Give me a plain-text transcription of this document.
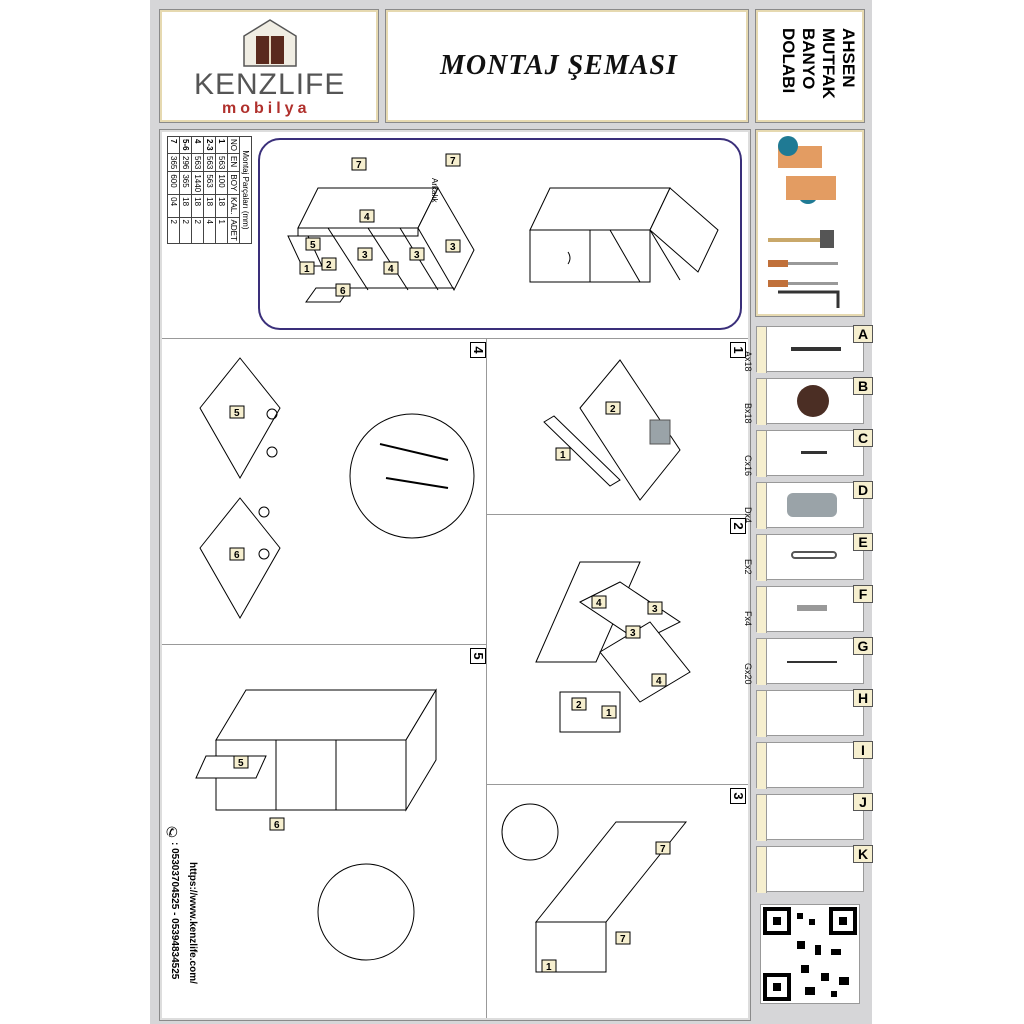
KENZLIFE
mobilya
MONTAJ ŞEMASI	AHSEN
MUTFAK
BANYO
DOLABI
Montaj Parçaları (mm)				
NO	EN	BOY	KAL.	ADET
1	563	100	18	1
2-3	563	563	18	4
4	563	1440	18	2
5-6	296	365	18	2
7	365	600	04	2
7	7
4
3
3
3
4
5
2
1
6
Arkalık
1
2
3
4
5
5
6
2
1
4
3
3
4
2
1
7
7
1
5
6
https://www.kenzlife.com/
: 05303704525 - 05394834525
✆
A
Ax18
B
Bx18
C
Cx16
D
Dx4
E
Ex2
F
Fx4
G
Gx20
H
I
J
K
